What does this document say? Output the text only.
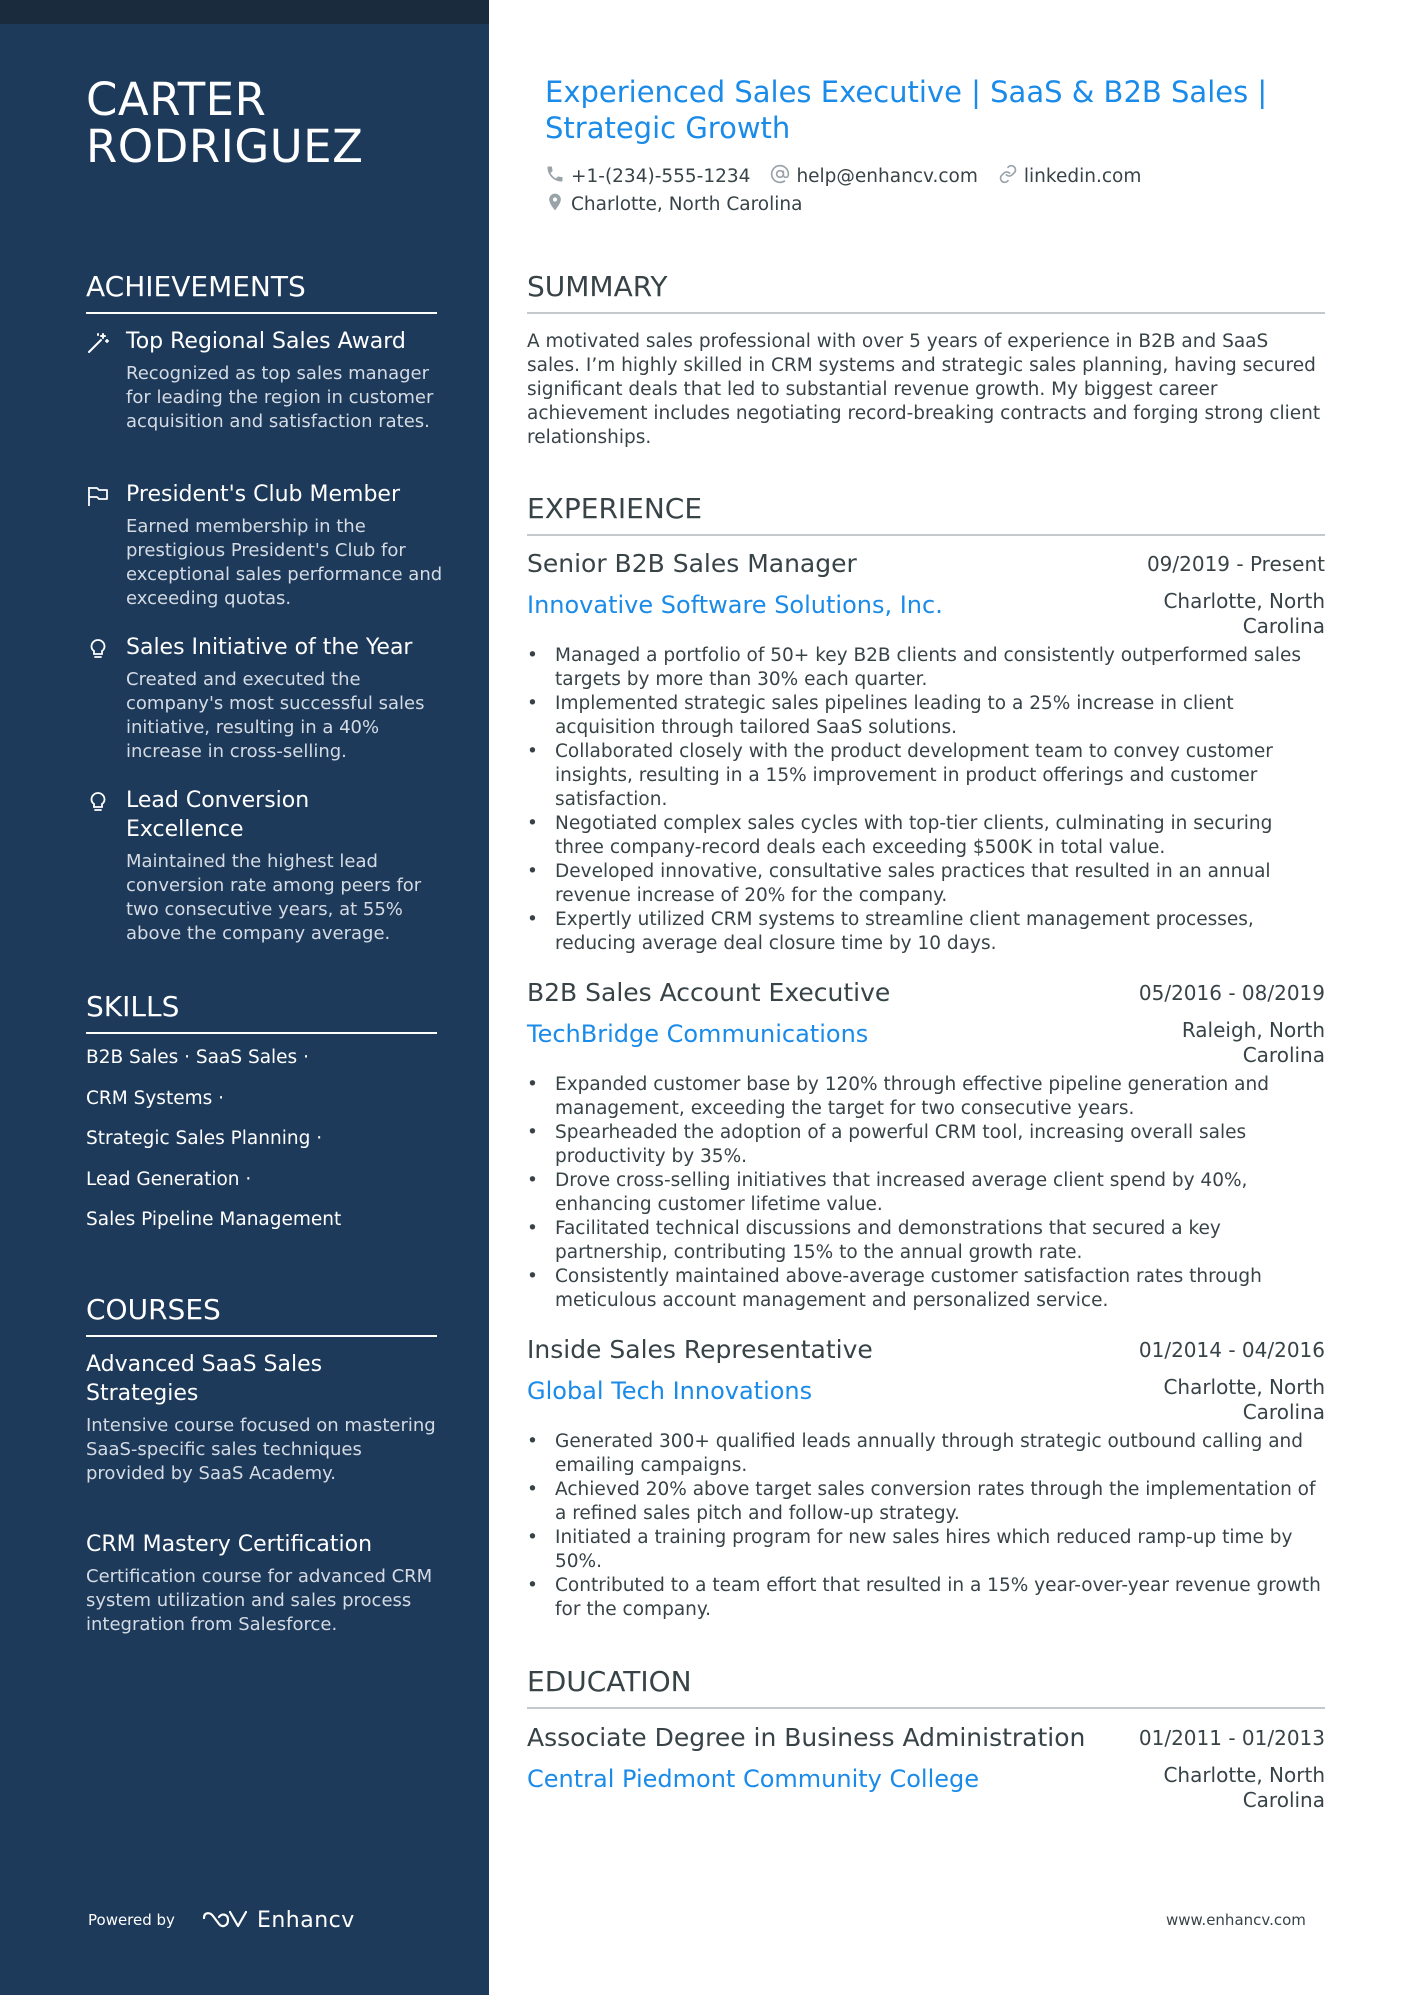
CARTER RODRIGUEZ
ACHIEVEMENTS
Top Regional Sales Award
Recognized as top sales manager for leading the region in customer acquisition and satisfaction rates.
President's Club Member
Earned membership in the prestigious President's Club for exceptional sales performance and exceeding quotas.
Sales Initiative of the Year
Created and executed the company's most successful sales initiative, resulting in a 40% increase in cross-selling.
Lead Conversion Excellence
Maintained the highest lead conversion rate among peers for two consecutive years, at 55% above the company average.
SKILLS
B2B Sales · SaaS Sales ·
CRM Systems ·
Strategic Sales Planning ·
Lead Generation ·
Sales Pipeline Management
COURSES
Advanced SaaS Sales Strategies
Intensive course focused on mastering SaaS-specific sales techniques provided by SaaS Academy.
CRM Mastery Certification
Certification course for advanced CRM system utilization and sales process integration from Salesforce.
Powered by	Enhancv
Experienced Sales Executive | SaaS & B2B Sales | Strategic Growth
+1-(234)-555-1234 help@enhancv.com linkedin.com
Charlotte, North Carolina
SUMMARY
A motivated sales professional with over 5 years of experience in B2B and SaaS sales. I’m highly skilled in CRM systems and strategic sales planning, having secured significant deals that led to substantial revenue growth. My biggest career achievement includes negotiating record-breaking contracts and forging strong client relationships.
EXPERIENCE
Senior B2B Sales Manager	09/2019 - Present
Innovative Software Solutions, Inc.	Charlotte, North Carolina
• Managed a portfolio of 50+ key B2B clients and consistently outperformed sales targets by more than 30% each quarter.
• Implemented strategic sales pipelines leading to a 25% increase in client acquisition through tailored SaaS solutions.
• Collaborated closely with the product development team to convey customer insights, resulting in a 15% improvement in product offerings and customer satisfaction.
• Negotiated complex sales cycles with top-tier clients, culminating in securing three company-record deals each exceeding $500K in total value.
• Developed innovative, consultative sales practices that resulted in an annual revenue increase of 20% for the company.
• Expertly utilized CRM systems to streamline client management processes, reducing average deal closure time by 10 days.
B2B Sales Account Executive	05/2016 - 08/2019
TechBridge Communications	Raleigh, North Carolina
• Expanded customer base by 120% through effective pipeline generation and management, exceeding the target for two consecutive years.
• Spearheaded the adoption of a powerful CRM tool, increasing overall sales productivity by 35%.
• Drove cross-selling initiatives that increased average client spend by 40%, enhancing customer lifetime value.
• Facilitated technical discussions and demonstrations that secured a key partnership, contributing 15% to the annual growth rate.
• Consistently maintained above-average customer satisfaction rates through meticulous account management and personalized service.
Inside Sales Representative	01/2014 - 04/2016
Global Tech Innovations	Charlotte, North Carolina
• Generated 300+ qualified leads annually through strategic outbound calling and emailing campaigns.
• Achieved 20% above target sales conversion rates through the implementation of a refined sales pitch and follow-up strategy.
• Initiated a training program for new sales hires which reduced ramp-up time by 50%.
• Contributed to a team effort that resulted in a 15% year-over-year revenue growth for the company.
EDUCATION
Associate Degree in Business Administration	01/2011 - 01/2013
Central Piedmont Community College	Charlotte, North Carolina
www.enhancv.com
